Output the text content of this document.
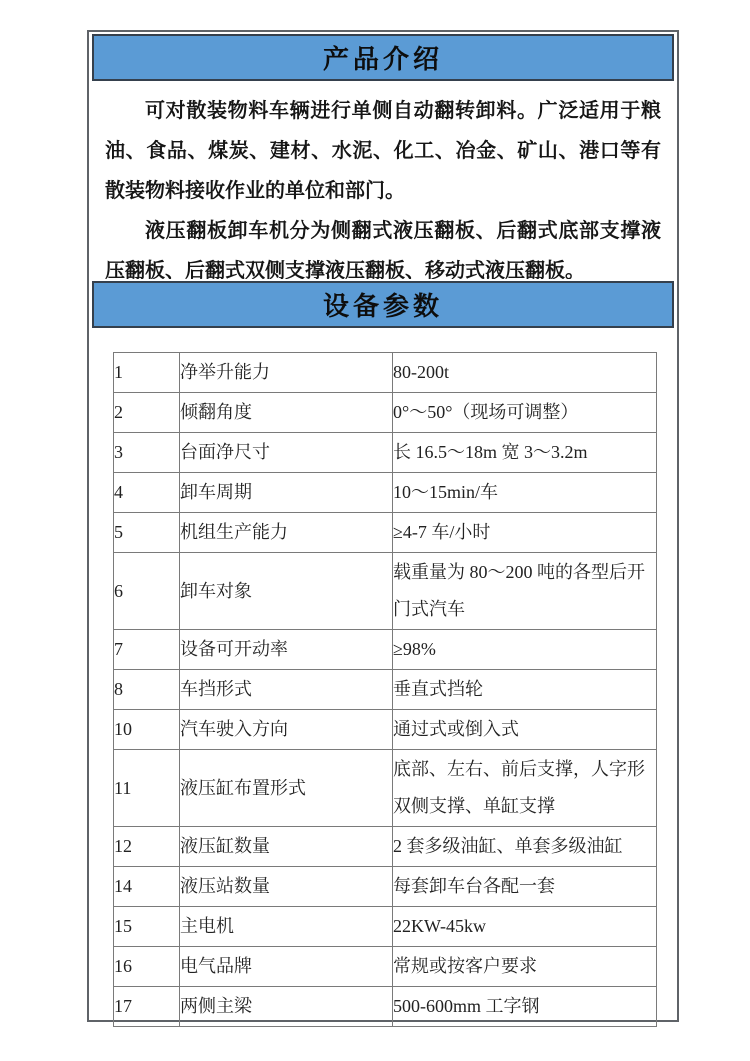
产品介绍

可对散装物料车辆进行单侧自动翻转卸料。广泛适用于粮油、食品、煤炭、建材、水泥、化工、冶金、矿山、港口等有散装物料接收作业的单位和部门。

液压翻板卸车机分为侧翻式液压翻板、后翻式底部支撑液压翻板、后翻式双侧支撑液压翻板、移动式液压翻板。

设备参数
1	净举升能力	80-200t
2	倾翻角度	0°～50°（现场可调整）
3	台面净尺寸	长 16.5～18m 宽 3～3.2m
4	卸车周期	10～15min/车
5	机组生产能力	≥4-7 车/小时
6	卸车对象	载重量为 80～200 吨的各型后开门式汽车
7	设备可开动率	≥98%
8	车挡形式	垂直式挡轮
10	汽车驶入方向	通过式或倒入式
11	液压缸布置形式	底部、左右、前后支撑，人字形双侧支撑、单缸支撑
12	液压缸数量	2 套多级油缸、单套多级油缸
14	液压站数量	每套卸车台各配一套
15	主电机	22KW-45kw
16	电气品牌	常规或按客户要求
17	两侧主梁	500-600mm 工字钢
